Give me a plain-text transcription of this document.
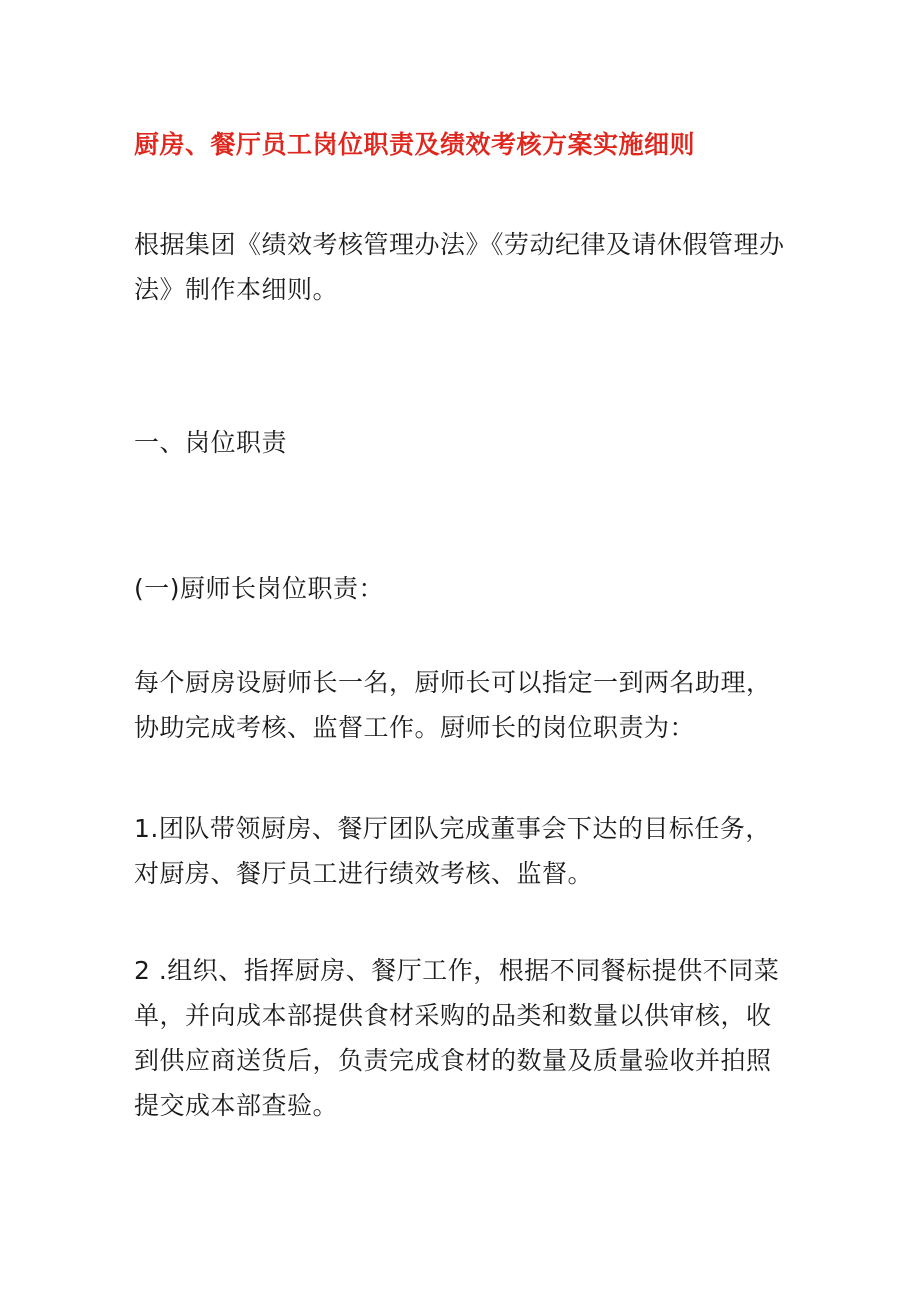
厨房、餐厅员工岗位职责及绩效考核方案实施细则

根据集团《绩效考核管理办法》《劳动纪律及请休假管理办法》制作本细则。

一、岗位职责
(一)厨师长岗位职责：

每个厨房设厨师长一名，厨师长可以指定一到两名助理，协助完成考核、监督工作。厨师长的岗位职责为：

1.团队带领厨房、餐厅团队完成董事会下达的目标任务，对厨房、餐厅员工进行绩效考核、监督。

2 .组织、指挥厨房、餐厅工作，根据不同餐标提供不同菜单，并向成本部提供食材采购的品类和数量以供审核，收到供应商送货后，负责完成食材的数量及质量验收并拍照提交成本部查验。
